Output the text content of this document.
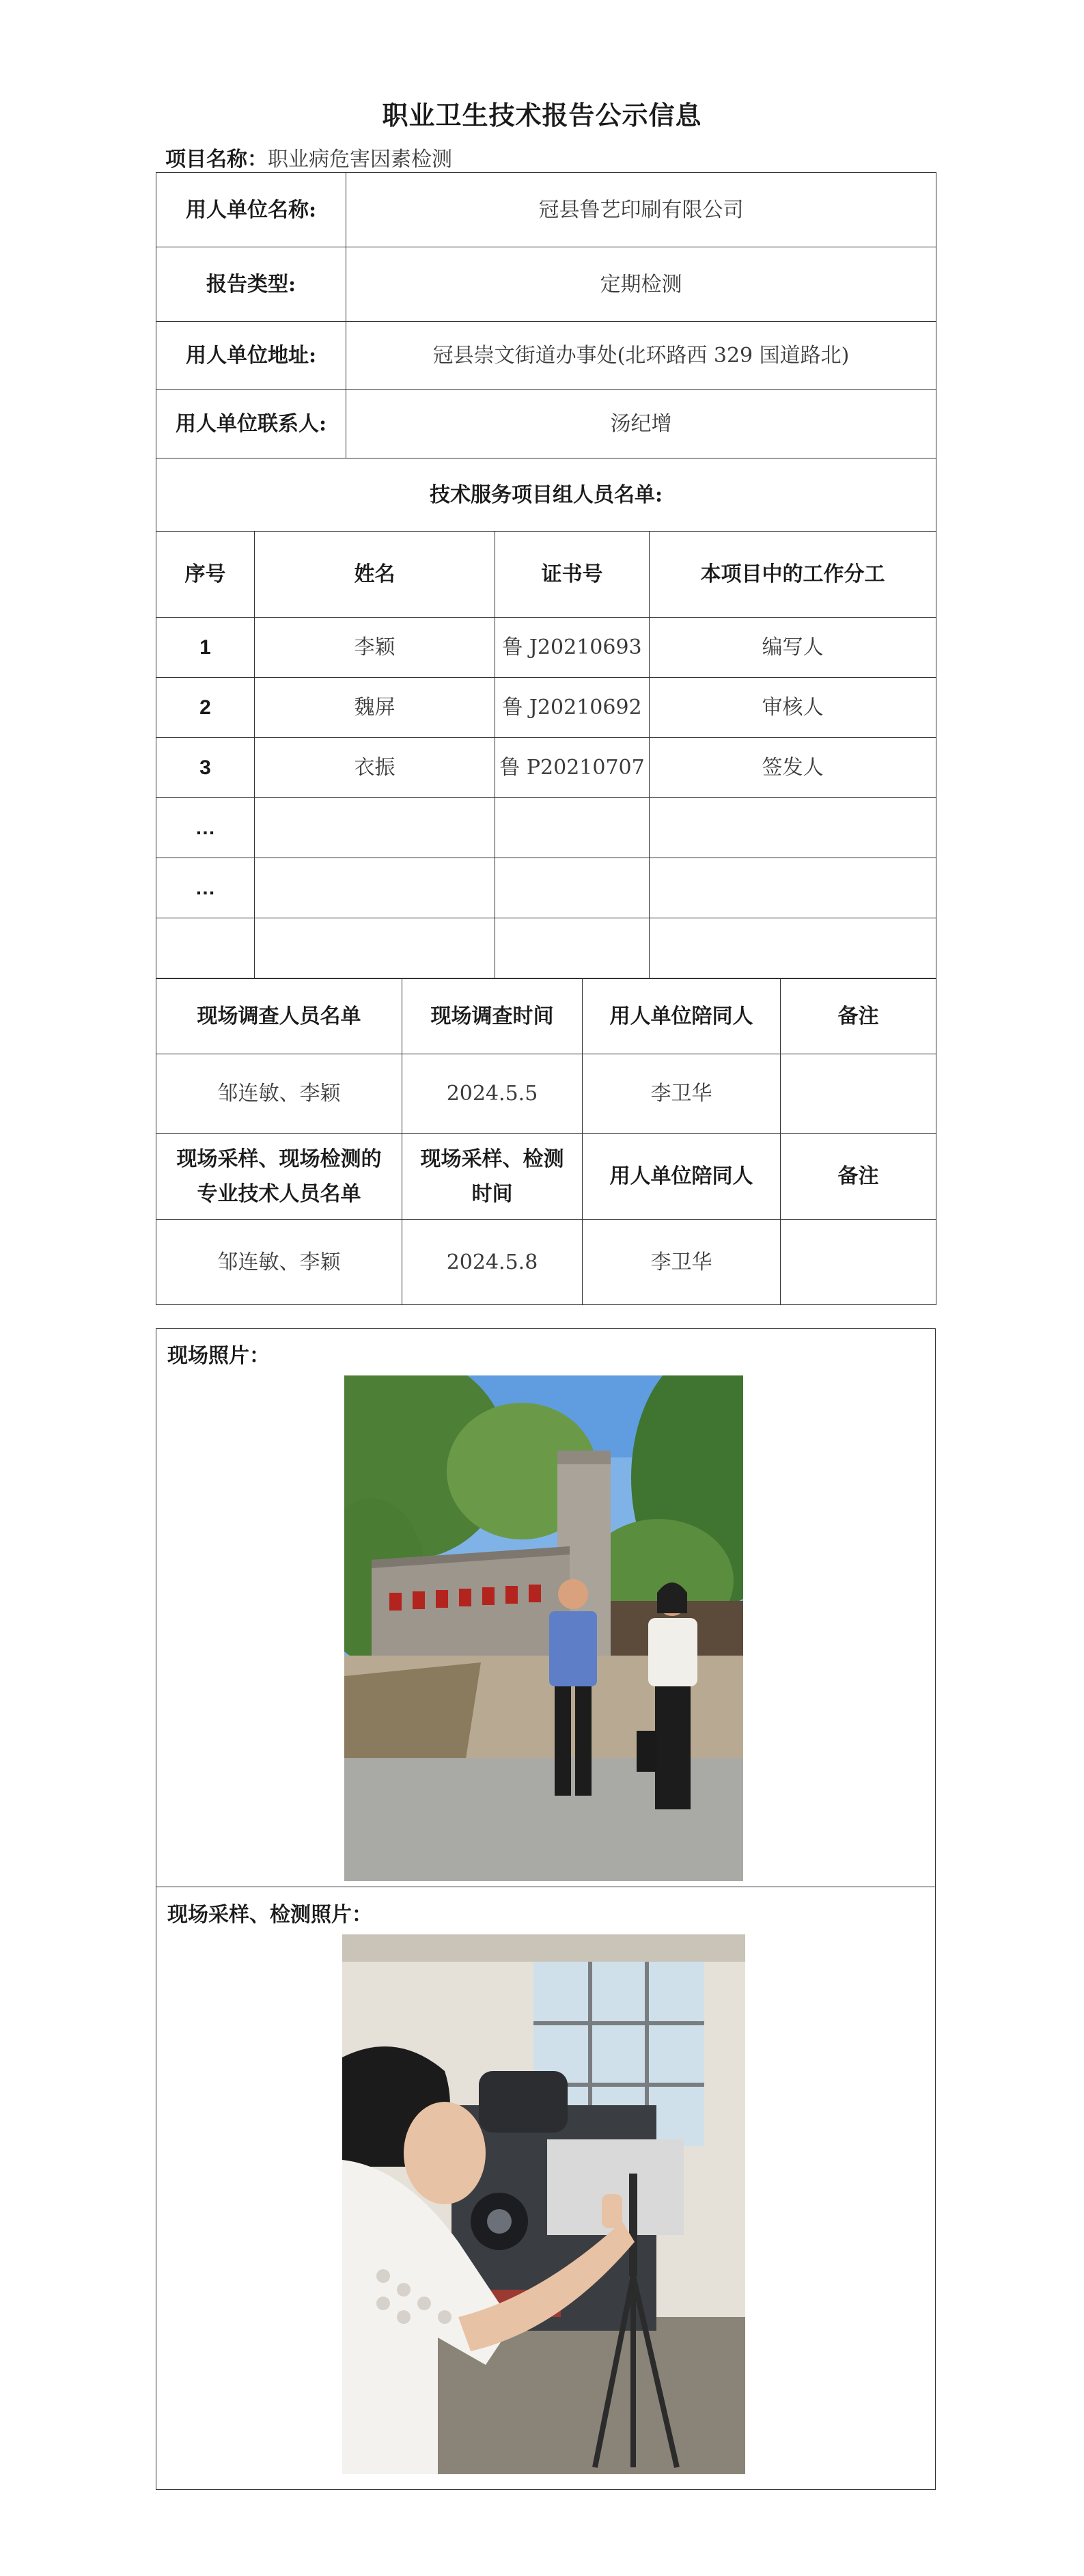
职业卫生技术报告公示信息
项目名称：职业病危害因素检测
用人单位名称:		冠县鲁艺印刷有限公司		
报告类型:		定期检测		
用人单位地址:		冠县崇文街道办事处(北环路西 329 国道路北)		
用人单位联系人:		汤纪增		
技术服务项目组人员名单:				
序号	姓名		证书号	本项目中的工作分工
1	李颖		鲁 J20210693	编写人
2	魏屏		鲁 J20210692	审核人
3	衣振		鲁 P20210707	签发人
…				
…				

现场调查人员名单	现场调查时间	用人单位陪同人	备注
邹连敏、李颖	2024.5.5	李卫华	
现场采样、现场检测的专业技术人员名单	现场采样、检测时间	用人单位陪同人	备注
邹连敏、李颖	2024.5.8	李卫华	
现场照片：
现场采样、检测照片：
